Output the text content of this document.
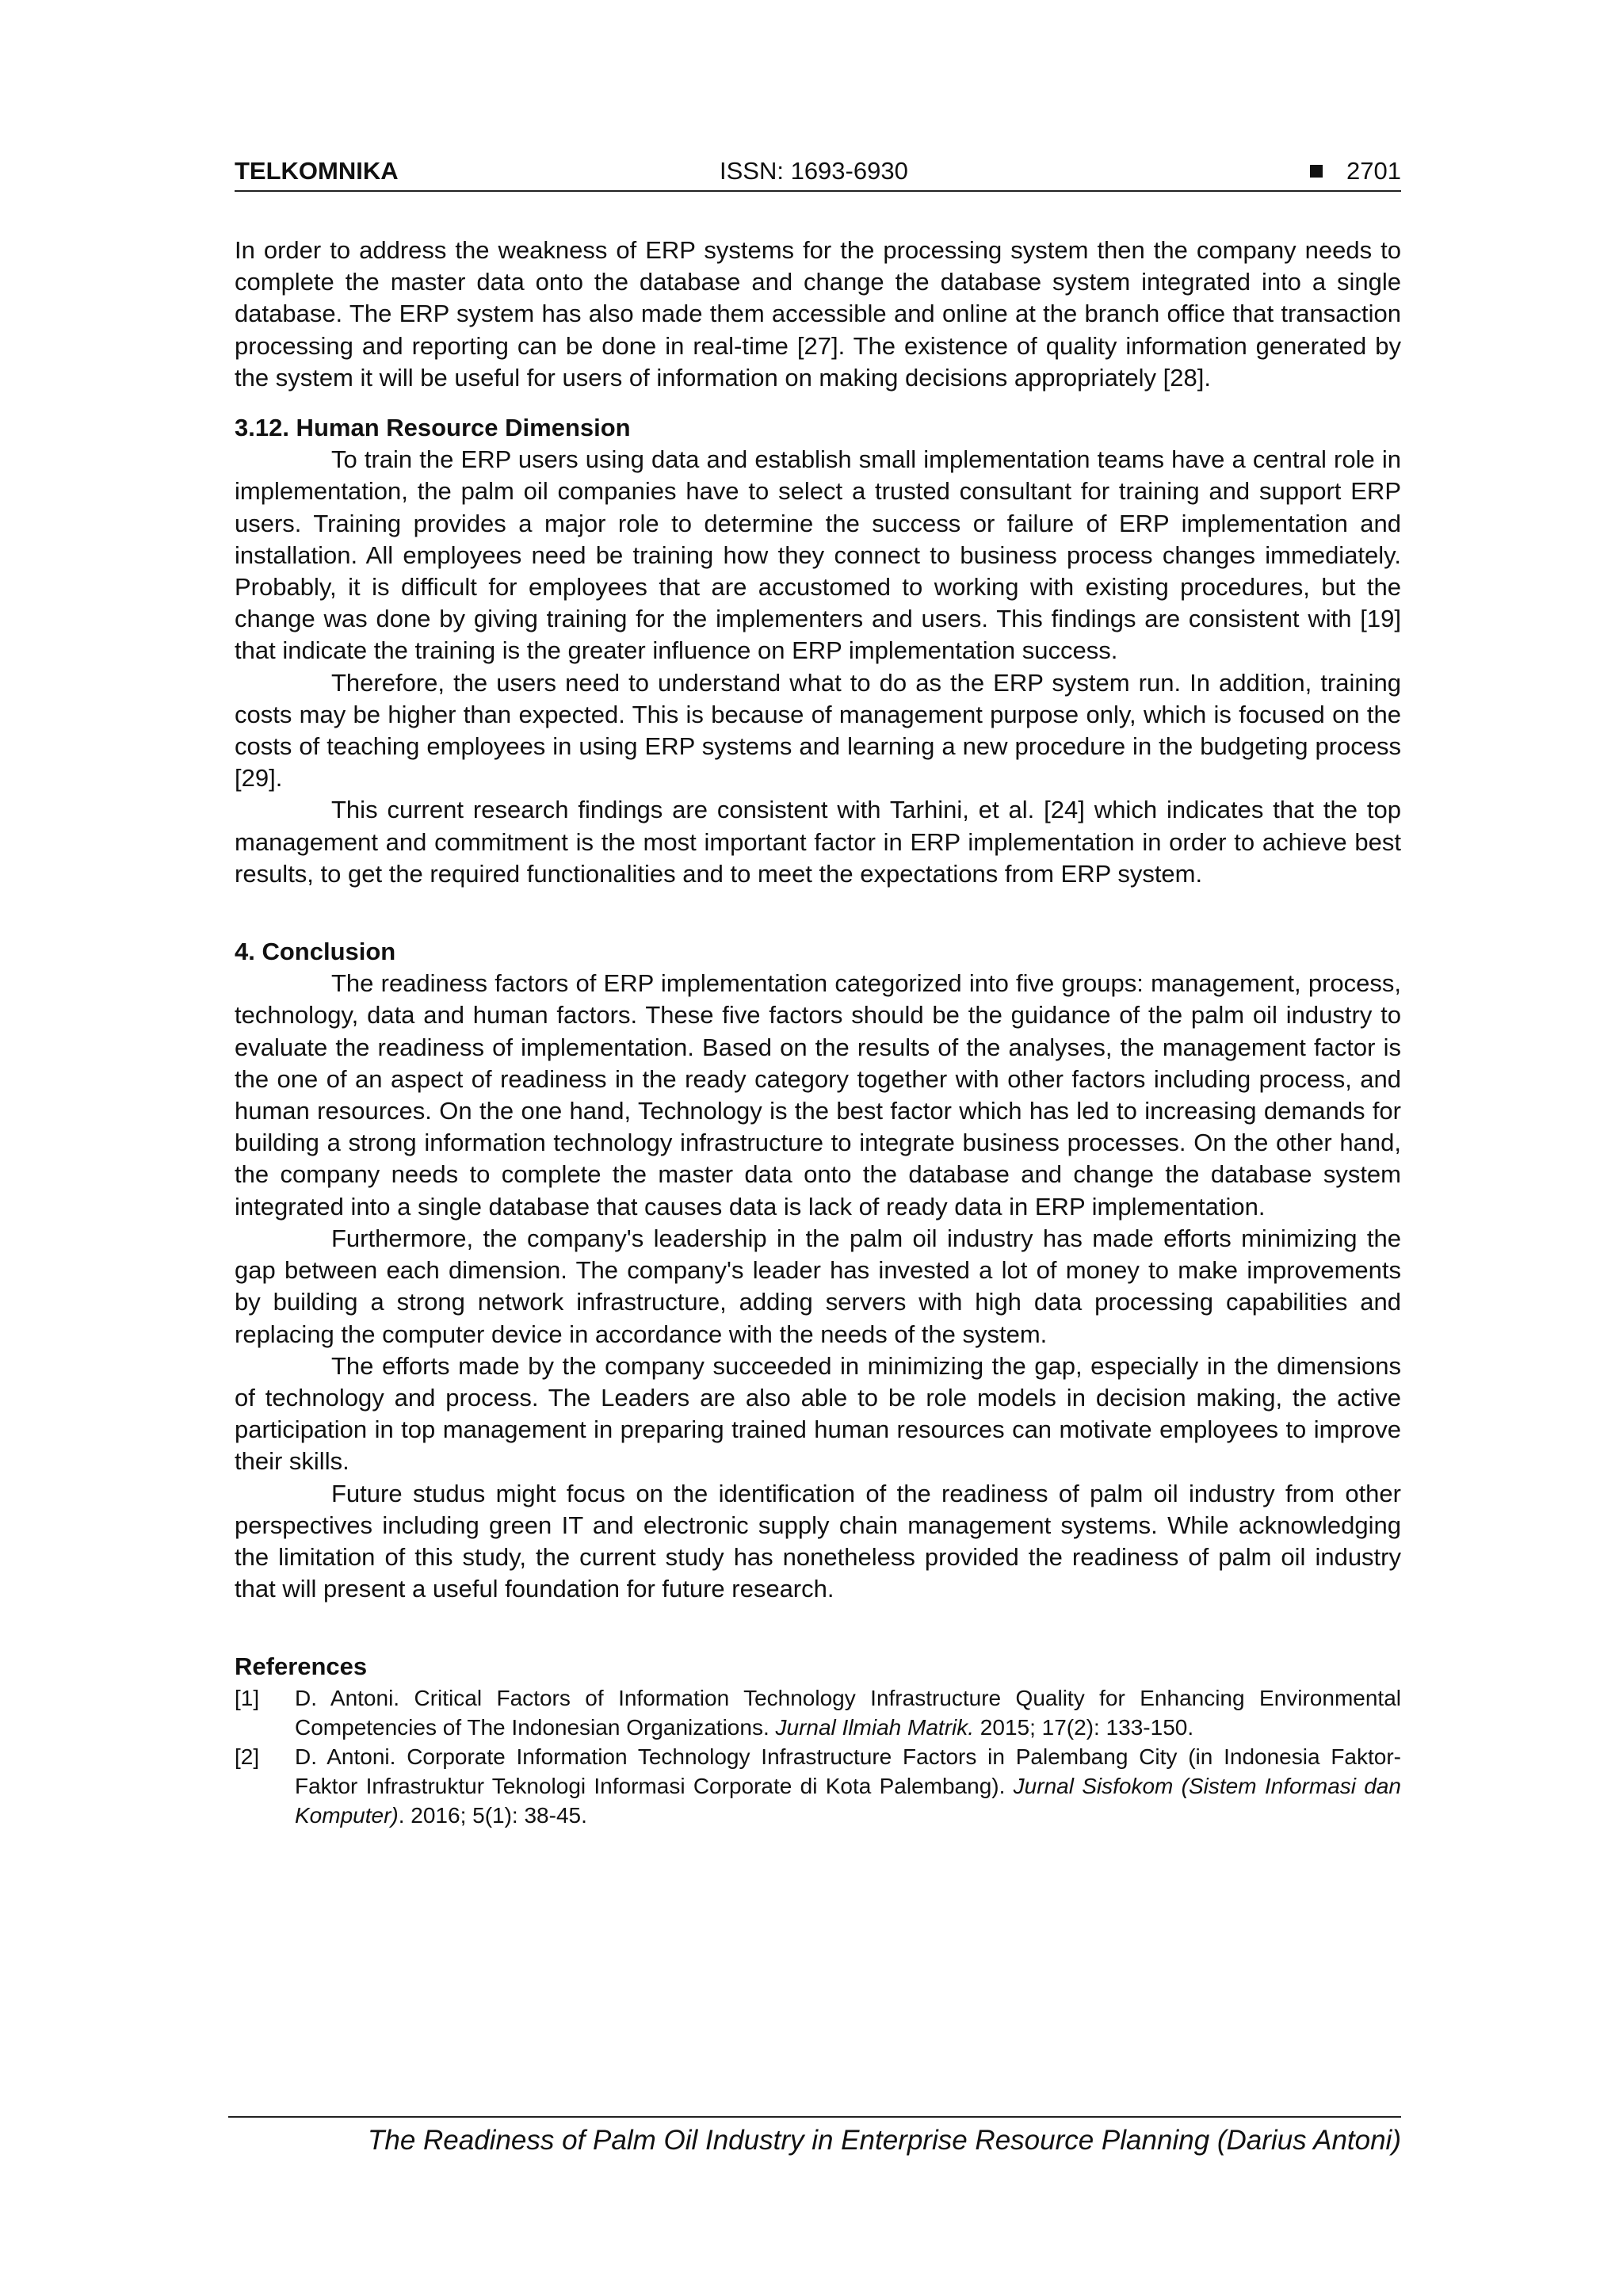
TELKOMNIKA	ISSN: 1693-6930	2701

In order to address the weakness of ERP systems for the processing system then the company needs to complete the master data onto the database and change the database system integrated into a single database. The ERP system has also made them accessible and online at the branch office that transaction processing and reporting can be done in real-time [27]. The existence of quality information generated by the system it will be useful for users of information on making decisions appropriately [28].

3.12. Human Resource Dimension

To train the ERP users using data and establish small implementation teams have a central role in implementation, the palm oil companies have to select a trusted consultant for training and support ERP users. Training provides a major role to determine the success or failure of ERP implementation and installation. All employees need be training how they connect to business process changes immediately. Probably, it is difficult for employees that are accustomed to working with existing procedures, but the change was done by giving training for the implementers and users. This findings are consistent with [19] that indicate the training is the greater influence on ERP implementation success.

Therefore, the users need to understand what to do as the ERP system run. In addition, training costs may be higher than expected. This is because of management purpose only, which is focused on the costs of teaching employees in using ERP systems and learning a new procedure in the budgeting process [29].

This current research findings are consistent with Tarhini, et al. [24] which indicates that the top management and commitment is the most important factor in ERP implementation in order to achieve best results, to get the required functionalities and to meet the expectations from ERP system.

4. Conclusion

The readiness factors of ERP implementation categorized into five groups: management, process, technology, data and human factors. These five factors should be the guidance of the palm oil industry to evaluate the readiness of implementation. Based on the results of the analyses, the management factor is the one of an aspect of readiness in the ready category together with other factors including process, and human resources. On the one hand, Technology is the best factor which has led to increasing demands for building a strong information technology infrastructure to integrate business processes. On the other hand, the company needs to complete the master data onto the database and change the database system integrated into a single database that causes data is lack of ready data in ERP implementation.

Furthermore, the company's leadership in the palm oil industry has made efforts minimizing the gap between each dimension. The company's leader has invested a lot of money to make improvements by building a strong network infrastructure, adding servers with high data processing capabilities and replacing the computer device in accordance with the needs of the system.

The efforts made by the company succeeded in minimizing the gap, especially in the dimensions of technology and process. The Leaders are also able to be role models in decision making, the active participation in top management in preparing trained human resources can motivate employees to improve their skills.

Future studus might focus on the identification of the readiness of palm oil industry from other perspectives including green IT and electronic supply chain management systems. While acknowledging the limitation of this study, the current study has nonetheless provided the readiness of palm oil industry that will present a useful foundation for future research.

References
[1] D. Antoni. Critical Factors of Information Technology Infrastructure Quality for Enhancing Environmental Competencies of The Indonesian Organizations. Jurnal Ilmiah Matrik. 2015; 17(2): 133-150.
[2] D. Antoni. Corporate Information Technology Infrastructure Factors in Palembang City (in Indonesia Faktor-Faktor Infrastruktur Teknologi Informasi Corporate di Kota Palembang). Jurnal Sisfokom (Sistem Informasi dan Komputer). 2016; 5(1): 38-45.
The Readiness of Palm Oil Industry in Enterprise Resource Planning (Darius Antoni)
